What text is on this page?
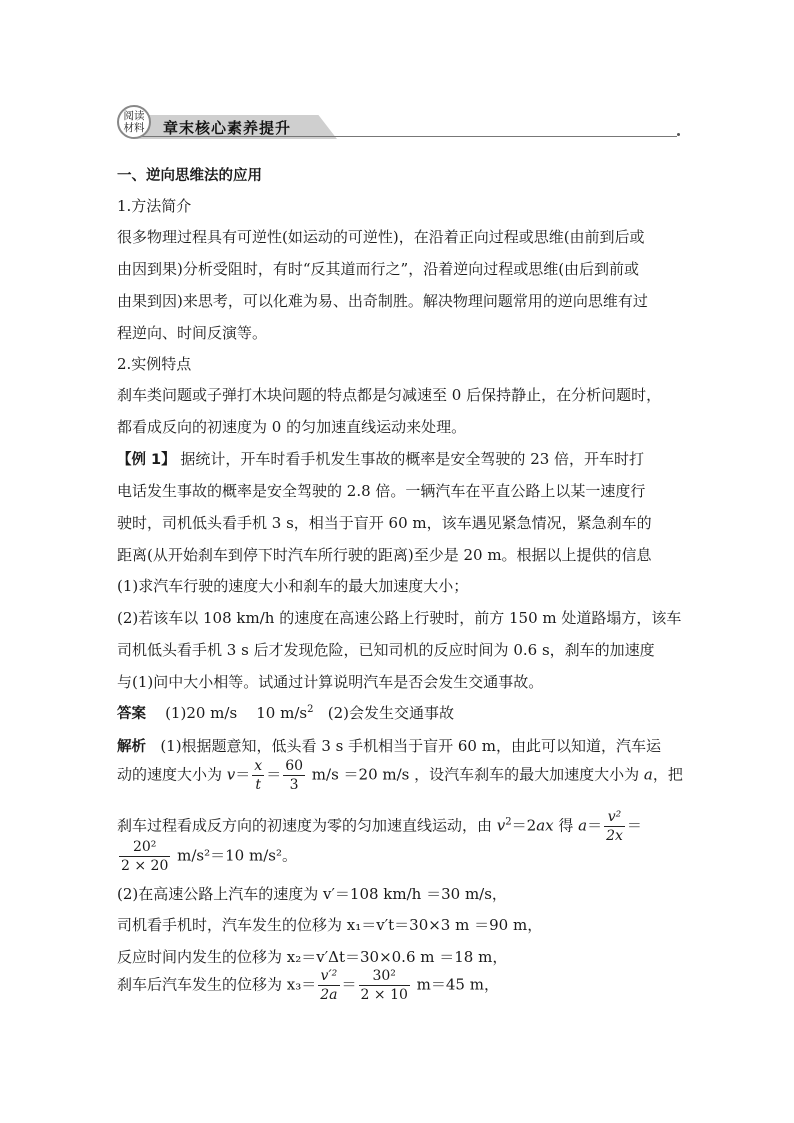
阅读
材料 章末核心素养提升
一、逆向思维法的应用
1.方法简介
很多物理过程具有可逆性(如运动的可逆性)，在沿着正向过程或思维(由前到后或
由因到果)分析受阻时，有时“反其道而行之”，沿着逆向过程或思维(由后到前或
由果到因)来思考，可以化难为易、出奇制胜。解决物理问题常用的逆向思维有过
程逆向、时间反演等。
2.实例特点
刹车类问题或子弹打木块问题的特点都是匀减速至 0 后保持静止，在分析问题时，
都看成反向的初速度为 0 的匀加速直线运动来处理。
【例 1】 据统计，开车时看手机发生事故的概率是安全驾驶的 23 倍，开车时打
电话发生事故的概率是安全驾驶的 2.8 倍。一辆汽车在平直公路上以某一速度行
驶时，司机低头看手机 3 s，相当于盲开 60 m，该车遇见紧急情况，紧急刹车的
距离(从开始刹车到停下时汽车所行驶的距离)至少是 20 m。根据以上提供的信息
(1)求汽车行驶的速度大小和刹车的最大加速度大小；
(2)若该车以 108 km/h 的速度在高速公路上行驶时，前方 150 m 处道路塌方，该车
司机低头看手机 3 s 后才发现危险，已知司机的反应时间为 0.6 s，刹车的加速度
与(1)问中大小相等。试通过计算说明汽车是否会发生交通事故。
答案 (1)20 m/s 10 $m/s^2$ (2)会发生交通事故
解析 (1)根据题意知，低头看 3 s 手机相当于盲开 60 m，由此可以知道，汽车运
动的速度大小为 $v= \frac{x}{t} = \frac{60}{3} m/s =20$ m/s ，设汽车刹车的最大加速度大小为 a，把
刹车过程看成反方向的初速度为零的匀加速直线运动，由 $v^2=2ax$ 得 $a= \frac{\text{v²}}{2x}$ ＝
$\frac{\text{20²}}{2 \times 20} m/s^2=10$ m/s²。
(2)在高速公路上汽车的速度为 v′＝108 km/h ＝30 m/s，
司机看手机时，汽车发生的位移为 x₁＝v′t＝30×3 m ＝90 m，
反应时间内发生的位移为 x₂＝v′Δt＝30×0.6 m ＝18 m，
刹车后汽车发生的位移为 $x_3= \frac{\text{v′²}}{2a} = \frac{\text{30²}}{2 \times 10} m=45$ m，
